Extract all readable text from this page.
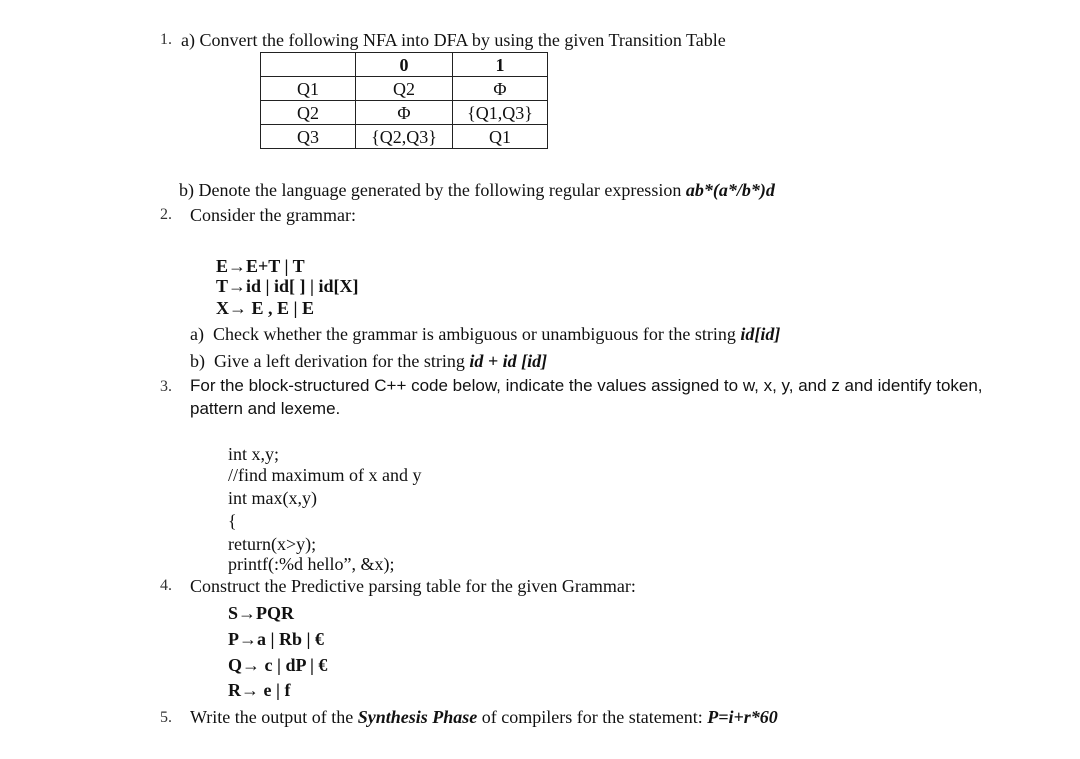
1. a) Convert the following NFA into DFA by using the given Transition Table
	0	1
Q1	Q2	Φ
Q2	Φ	{Q1,Q3}
Q3	{Q2,Q3}	Q1
b) Denote the language generated by the following regular expression ab*(a*/b*)d
2. Consider the grammar:
E→E+T | T
T→id | id[ ] | id[X]
X→ E , E | E
a) Check whether the grammar is ambiguous or unambiguous for the string id[id]
b) Give a left derivation for the string id + id [id]
3. For the block-structured C++ code below, indicate the values assigned to w, x, y, and z and identify token,
pattern and lexeme.
int x,y;
//find maximum of x and y
int max(x,y)
{
return(x>y);
printf(:%d hello”, &x);
4. Construct the Predictive parsing table for the given Grammar:
S→PQR
P→a | Rb | €
Q→ c | dP | €
R→ e | f
5. Write the output of the Synthesis Phase of compilers for the statement: P=i+r*60
